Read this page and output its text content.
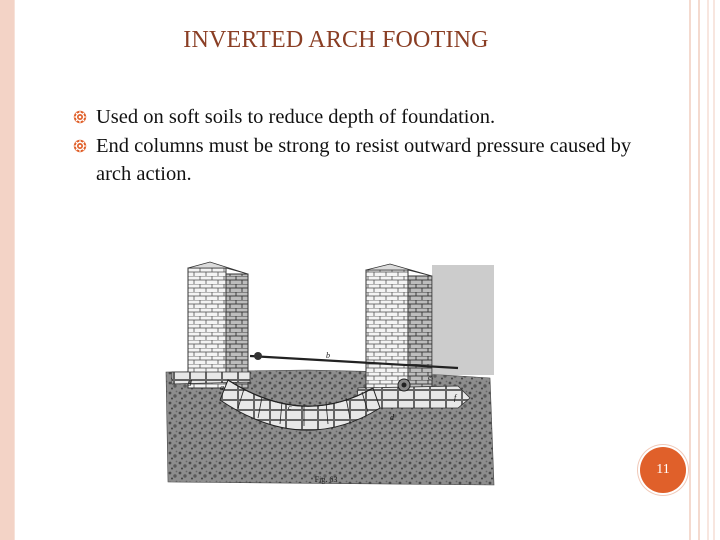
INVERTED ARCH FOOTING
Used on soft soils to reduce depth of foundation.
End columns must be strong to resist outward pressure caused by arch action.
a
b
c
d
e
f
g
Fig. 63
11
